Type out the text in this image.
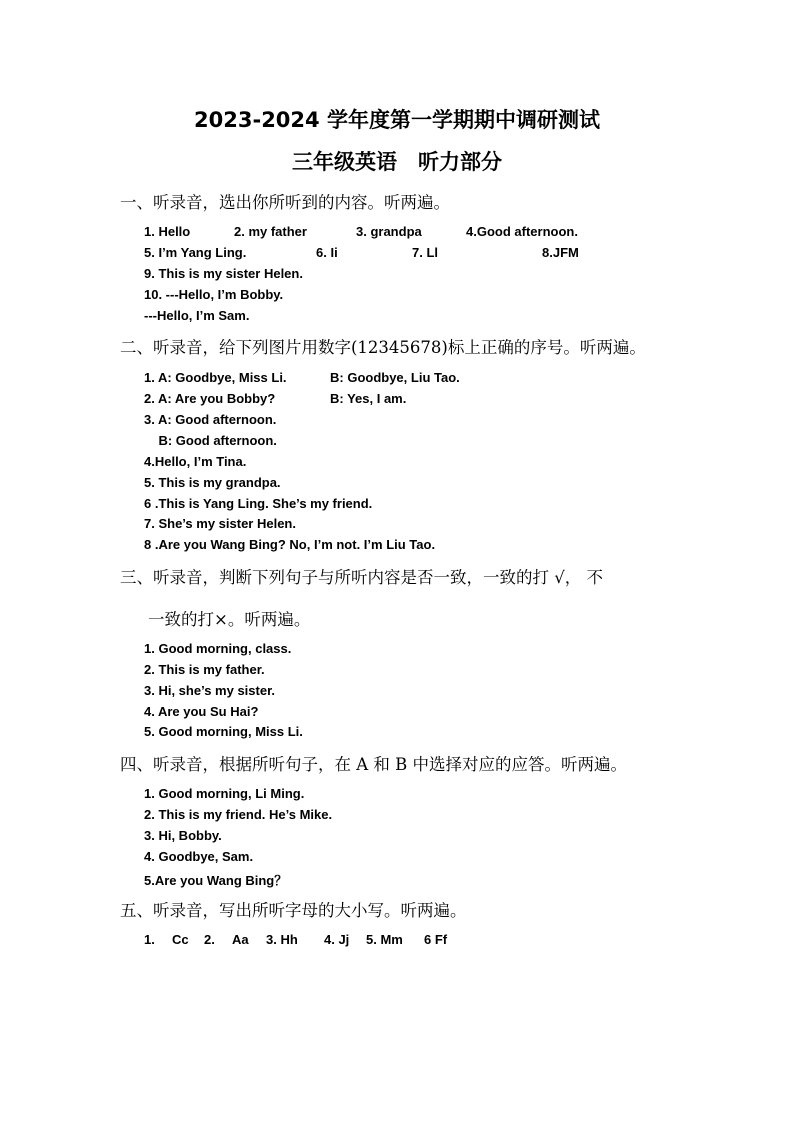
2023-2024 学年度第一学期期中调研测试
三年级英语　听力部分
一、听录音，选出你所听到的内容。听两遍。

1. Hello

	2. my father

	3. grandpa

	4.Good afternoon.

5. I’m Yang Ling.

	6. Ii

	7. Ll

	8.JFM

9. This is my sister Helen.
10. ---Hello, I’m Bobby.
---Hello, I’m Sam.
二、听录音，给下列图片用数字(12345678)标上正确的序号。听两遍。

1. A: Goodbye, Miss Li.

	B: Goodbye, Liu Tao.

2. A: Are you Bobby?

	B: Yes, I am.

3. A: Good afternoon.
B: Good afternoon.
4.Hello, I’m Tina.
5. This is my grandpa.
6 .This is Yang Ling. She’s my friend.
7. She’s my sister Helen.
8 .Are you Wang Bing? No, I’m not. I’m Liu Tao.
三、听录音，判断下列句子与所听内容是否一致，一致的打 √， 不
一致的打×。听两遍。
1. Good morning, class.
2. This is my father.
3. Hi, she’s my sister.
4. Are you Su Hai?
5. Good morning, Miss Li.
四、听录音，根据所听句子，在 A 和 B 中选择对应的应答。听两遍。
1. Good morning, Li Ming.
2. This is my friend. He’s Mike.
3. Hi, Bobby.
4. Goodbye, Sam.
5.Are you Wang Bing？
五、听录音，写出所听字母的大小写。听两遍。

1.

Cc

2.

Aa

3. Hh

4. Jj

5. Mm

6 Ff
